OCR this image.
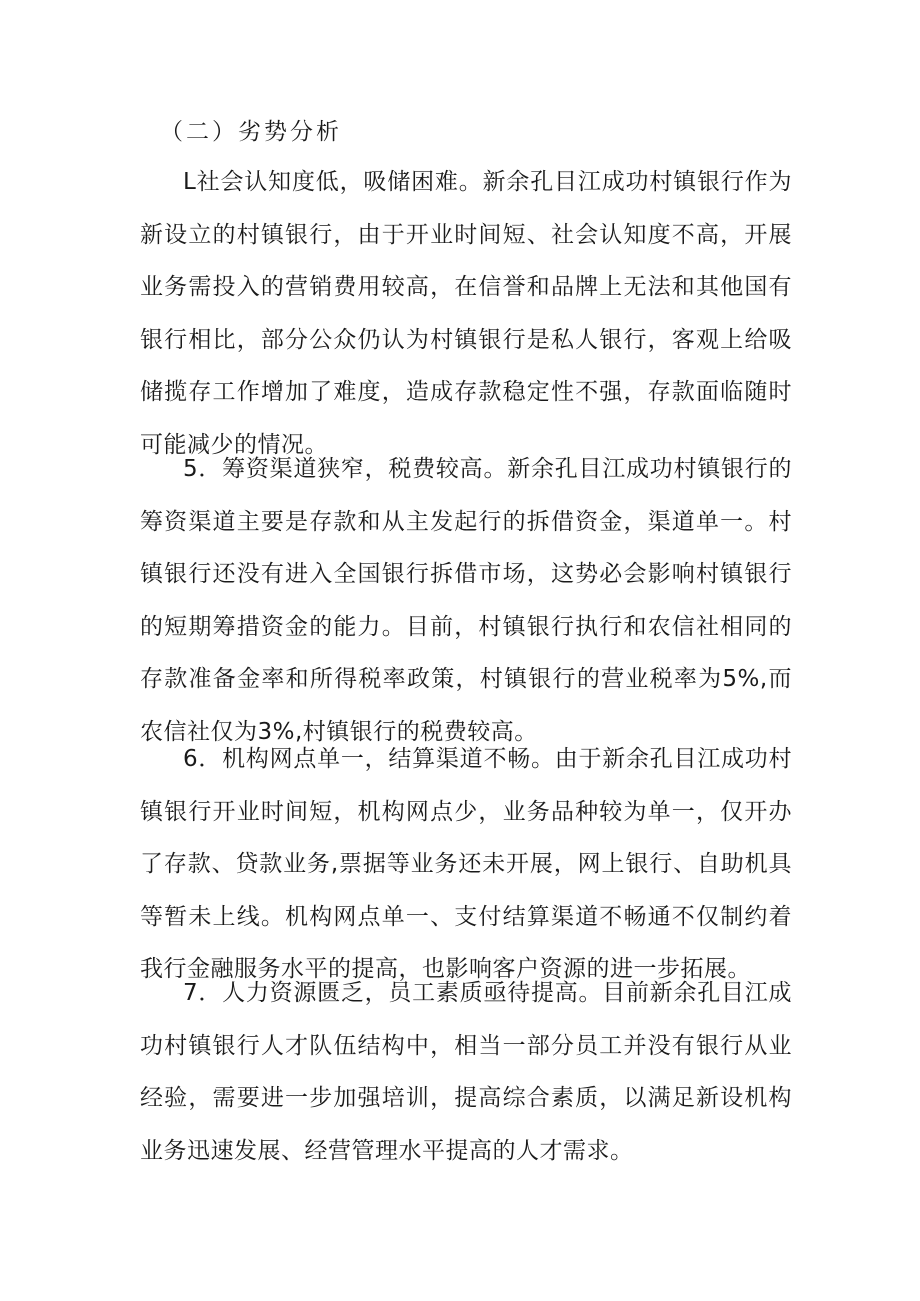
（二）劣势分析

L社会认知度低，吸储困难。新余孔目江成功村镇银行作为新设立的村镇银行，由于开业时间短、社会认知度不高，开展业务需投入的营销费用较高，在信誉和品牌上无法和其他国有银行相比，部分公众仍认为村镇银行是私人银行，客观上给吸储揽存工作增加了难度，造成存款稳定性不强，存款面临随时可能减少的情况。

5．筹资渠道狭窄，税费较高。新余孔目江成功村镇银行的筹资渠道主要是存款和从主发起行的拆借资金，渠道单一。村镇银行还没有进入全国银行拆借市场，这势必会影响村镇银行的短期筹措资金的能力。目前，村镇银行执行和农信社相同的存款准备金率和所得税率政策，村镇银行的营业税率为5%,而农信社仅为3%,村镇银行的税费较高。

6．机构网点单一，结算渠道不畅。由于新余孔目江成功村镇银行开业时间短，机构网点少，业务品种较为单一，仅开办了存款、贷款业务,票据等业务还未开展，网上银行、自助机具等暂未上线。机构网点单一、支付结算渠道不畅通不仅制约着我行金融服务水平的提高，也影响客户资源的进一步拓展。

7．人力资源匮乏，员工素质亟待提高。目前新余孔目江成功村镇银行人才队伍结构中，相当一部分员工并没有银行从业经验，需要进一步加强培训，提高综合素质，以满足新设机构业务迅速发展、经营管理水平提高的人才需求。
